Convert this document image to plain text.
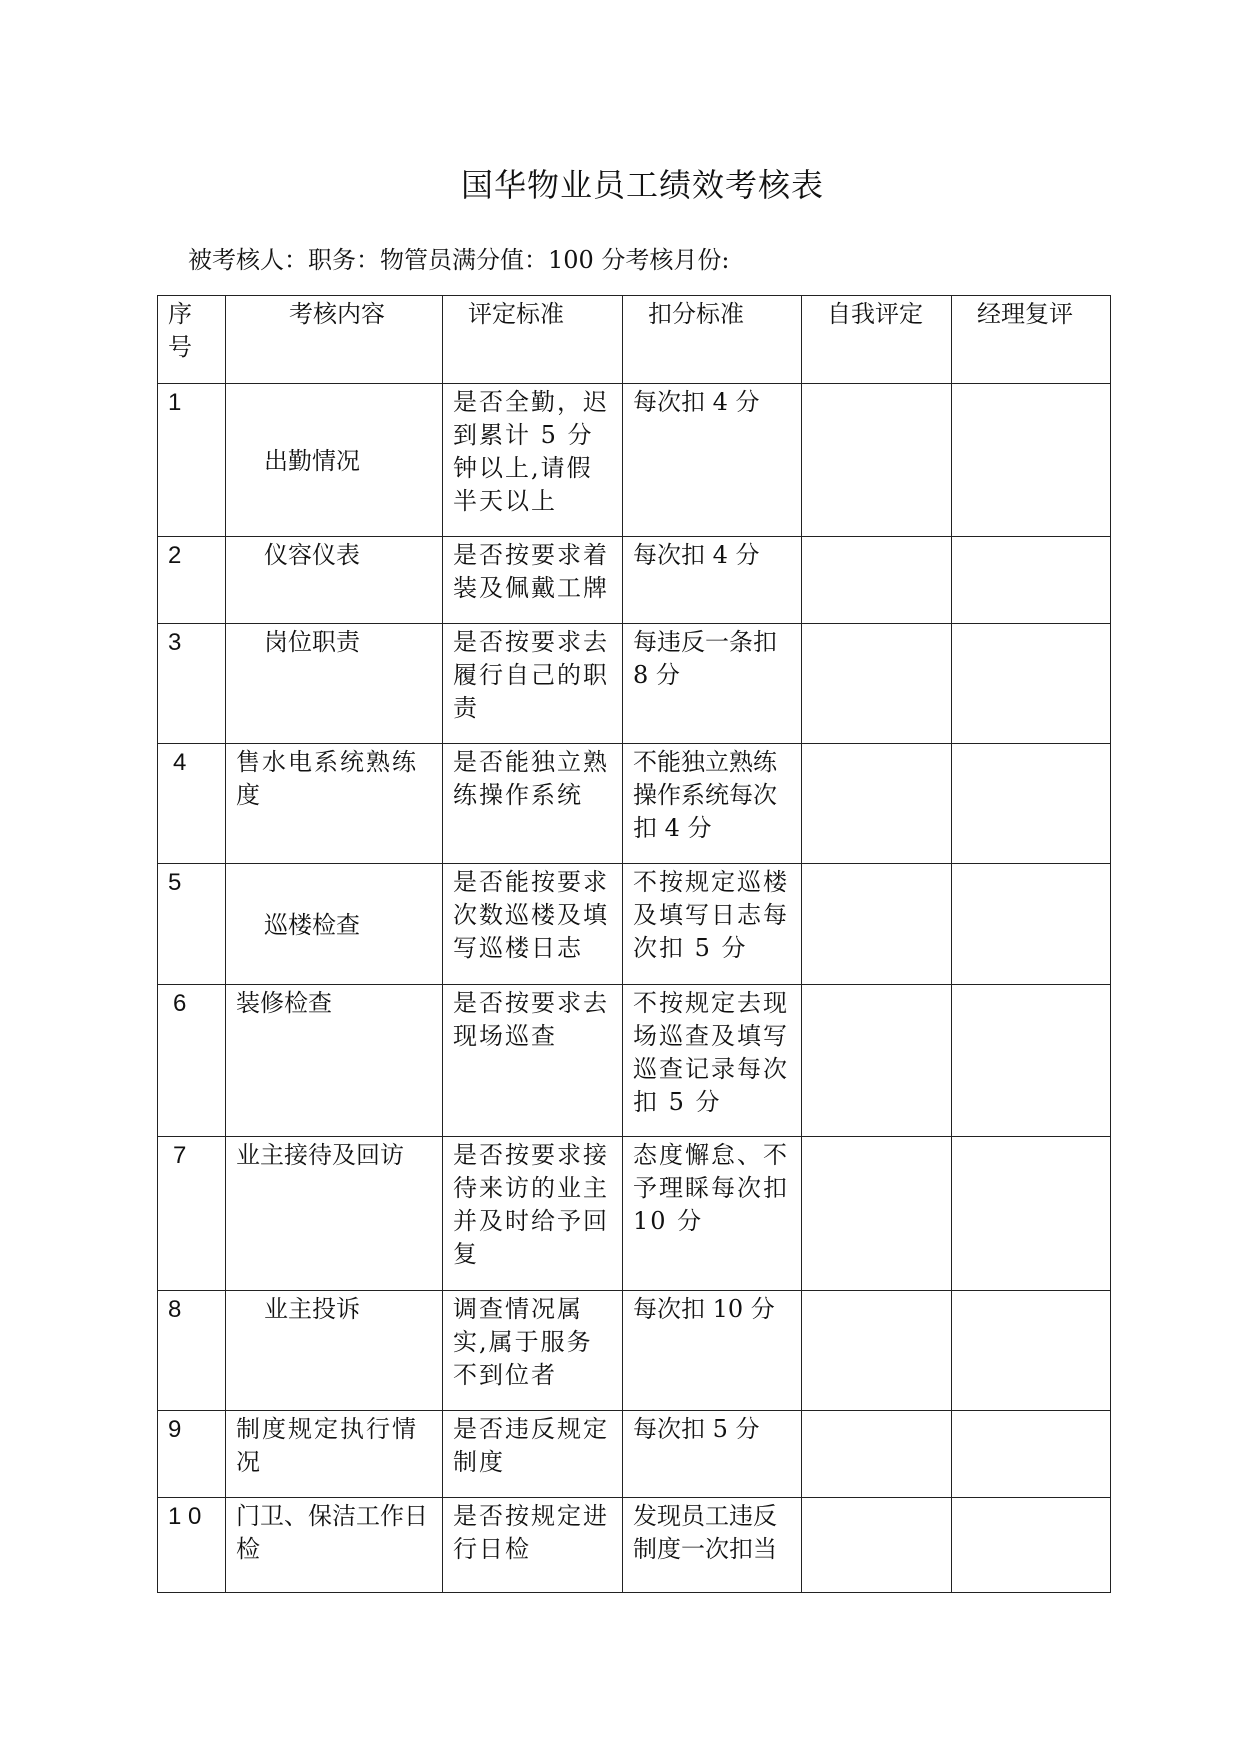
国华物业员工绩效考核表
被考核人：职务：物管员满分值：100 分考核月份:
序号	考核内容	评定标准	扣分标准	自我评定	经理复评
1	出勤情况	是否全勤，迟到累计 5 分钟以上,请假半天以上	每次扣 4 分		
2	仪容仪表	是否按要求着装及佩戴工牌	每次扣 4 分		
3	岗位职责	是否按要求去履行自己的职责	每违反一条扣 8 分		
4	售水电系统熟练度	是否能独立熟练操作系统	不能独立熟练操作系统每次扣 4 分		
5	巡楼检查	是否能按要求次数巡楼及填写巡楼日志	不按规定巡楼及填写日志每次扣 5 分		
6	装修检查	是否按要求去现场巡查	不按规定去现场巡查及填写巡查记录每次扣 5 分		
7	业主接待及回访	是否按要求接待来访的业主并及时给予回复	态度懈怠、不予理睬每次扣 10 分		
8	业主投诉	调查情况属实,属于服务不到位者	每次扣 10 分		
9	制度规定执行情况	是否违反规定制度	每次扣 5 分		
1 0	门卫、保洁工作日检	是否按规定进行日检	发现员工违反制度一次扣当		
